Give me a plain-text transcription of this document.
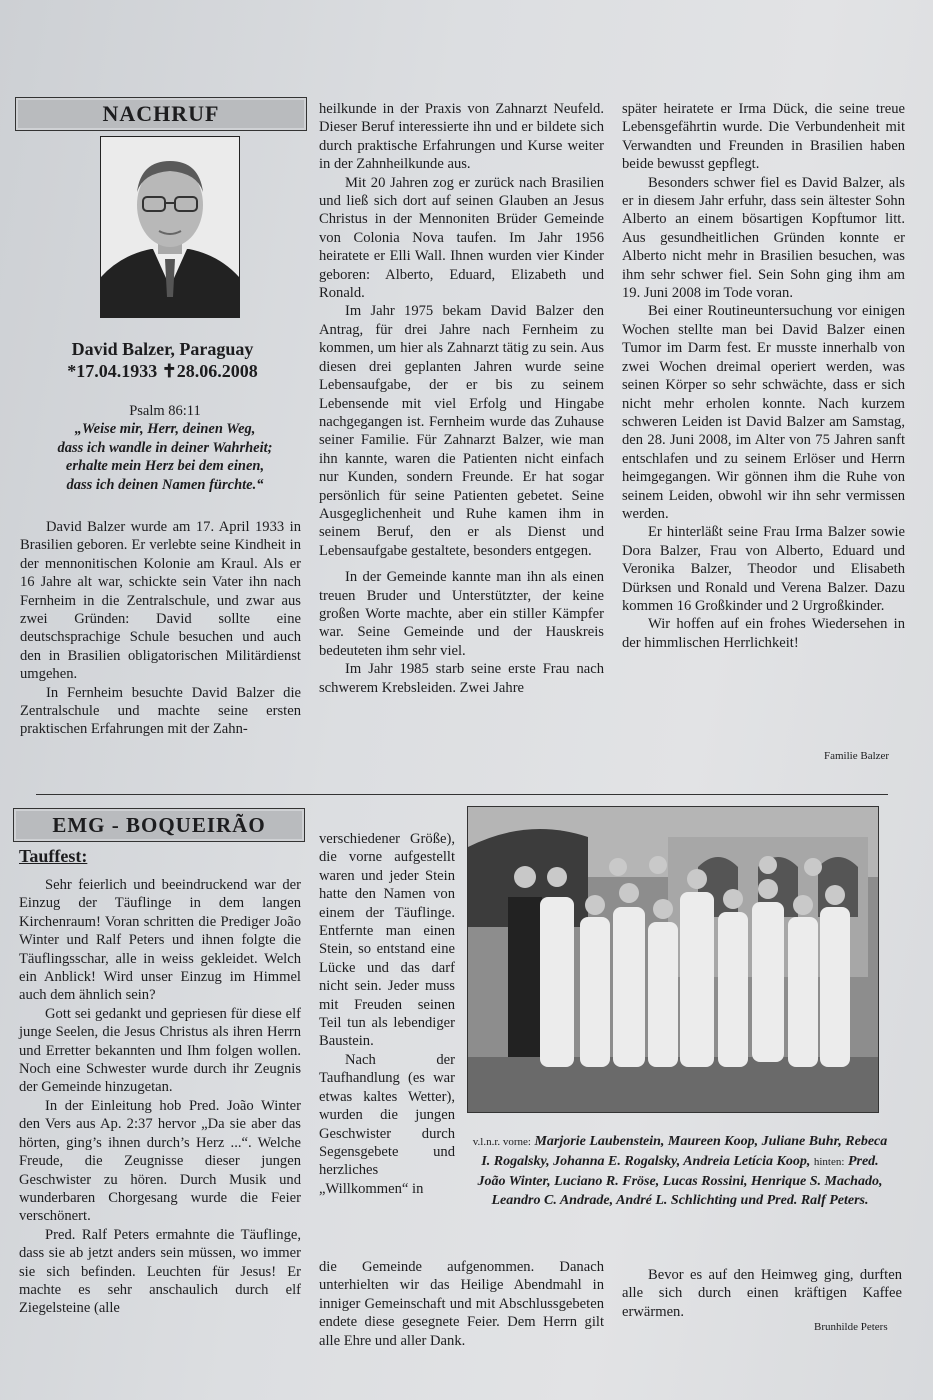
NACHRUF
David Balzer, Paraguay
*17.04.1933 ✝28.06.2008
Psalm 86:11
„Weise mir, Herr, deinen Weg,
dass ich wandle in deiner Wahrheit;
erhalte mein Herz bei dem einen,
dass ich deinen Namen fürchte.“

David Balzer wurde am 17. April 1933 in Brasilien geboren. Er verlebte seine Kindheit in der mennonitischen Kolonie am Kraul. Als er 16 Jahre alt war, schickte sein Vater ihn nach Fernheim in die Zentralschule, und zwar aus zwei Gründen: David sollte eine deutschsprachige Schule besuchen und auch den in Brasilien obligatorischen Militärdienst umgehen.

In Fernheim besuchte David Balzer die Zentralschule und machte seine ersten praktischen Erfahrungen mit der Zahn-

heilkunde in der Praxis von Zahnarzt Neufeld. Dieser Beruf interessierte ihn und er bildete sich durch praktische Erfahrungen und Kurse weiter in der Zahnheilkunde aus.

Mit 20 Jahren zog er zurück nach Brasilien und ließ sich dort auf seinen Glauben an Jesus Christus in der Mennoniten Brüder Gemeinde von Colonia Nova taufen. Im Jahr 1956 heiratete er Elli Wall. Ihnen wurden vier Kinder geboren: Alberto, Eduard, Elizabeth und Ronald.

Im Jahr 1975 bekam David Balzer den Antrag, für drei Jahre nach Fernheim zu kommen, um hier als Zahnarzt tätig zu sein. Aus diesen drei geplanten Jahren wurde seine Lebensaufgabe, der er bis zu seinem Lebensende mit viel Erfolg und Hingabe nachgegangen ist. Fernheim wurde das Zuhause seiner Familie. Für Zahnarzt Balzer, wie man ihn kannte, waren die Patienten nicht einfach nur Kunden, sondern Freunde. Er hat sogar persönlich für seine Patienten gebetet. Seine Ausgeglichenheit und Ruhe kamen ihm in seinem Beruf, den er als Dienst und Lebensaufgabe gestaltete, besonders entgegen.

In der Gemeinde kannte man ihn als einen treuen Bruder und Unterstützter, der keine großen Worte machte, aber ein stiller Kämpfer war. Seine Gemeinde und der Hauskreis bedeuteten ihm sehr viel.

Im Jahr 1985 starb seine erste Frau nach schwerem Krebsleiden. Zwei Jahre

später heiratete er Irma Dück, die seine treue Lebensgefährtin wurde. Die Verbundenheit mit Verwandten und Freunden in Brasilien haben beide bewusst gepflegt.

Besonders schwer fiel es David Balzer, als er in diesem Jahr erfuhr, dass sein ältester Sohn Alberto an einem bösartigen Kopftumor litt. Aus gesundheitlichen Gründen konnte er Alberto nicht mehr in Brasilien besuchen, was ihm sehr schwer fiel. Sein Sohn ging ihm am 19. Juni 2008 im Tode voran.

Bei einer Routineuntersuchung vor einigen Wochen stellte man bei David Balzer einen Tumor im Darm fest. Er musste innerhalb von zwei Wochen dreimal operiert werden, was seinen Körper so sehr schwächte, dass er sich nicht mehr erholen konnte. Nach kurzem schweren Leiden ist David Balzer am Samstag, den 28. Juni 2008, im Alter von 75 Jahren sanft entschlafen und zu seinem Erlöser und Herrn heimgegangen. Wir gönnen ihm die Ruhe von seinem Leiden, obwohl wir ihn sehr vermissen werden.

Er hinterläßt seine Frau Irma Balzer sowie Dora Balzer, Frau von Alberto, Eduard und Veronika Balzer, Theodor und Elisabeth Dürksen und Ronald und Verena Balzer. Dazu kommen 16 Großkinder und 2 Urgroßkinder.

Wir hoffen auf ein frohes Wiedersehen in der himmlischen Herrlichkeit!

Familie Balzer
EMG - BOQUEIRÃO
Tauffest:

Sehr feierlich und beeindruckend war der Einzug der Täuflinge in dem langen Kirchenraum! Voran schritten die Prediger João Winter und Ralf Peters und ihnen folgte die Täuflingsschar, alle in weiss gekleidet. Welch ein Anblick! Wird unser Einzug im Himmel auch dem ähnlich sein?

Gott sei gedankt und gepriesen für diese elf junge Seelen, die Jesus Christus als ihren Herrn und Erretter bekannten und Ihm folgen wollen. Noch eine Schwester wurde durch ihr Zeugnis der Gemeinde hinzugetan.

In der Einleitung hob Pred. João Winter den Vers aus Ap. 2:37 hervor „Da sie aber das hörten, ging’s ihnen durch’s Herz ...“. Welche Freude, die Zeugnisse dieser jungen Geschwister zu hören. Durch Musik und wunderbaren Chorgesang wurde die Feier verschönert.

Pred. Ralf Peters ermahnte die Täuflinge, dass sie ab jetzt anders sein müssen, wo immer sie sich befinden. Leuchten für Jesus! Er machte es sehr anschaulich durch elf Ziegelsteine (alle

verschiedener Größe), die vorne aufgestellt waren und jeder Stein hatte den Namen von einem der Täuflinge. Entfernte man einen Stein, so entstand eine Lücke und das darf nicht sein. Jeder muss mit Freuden seinen Teil tun als lebendiger Baustein.

Nach der Taufhandlung (es war etwas kaltes Wetter), wurden die jungen Geschwister durch Segensgebete und herzliches „Willkommen“ in

die Gemeinde aufgenommen. Danach unterhielten wir das Heilige Abendmahl in inniger Gemeinschaft und mit Abschlussgebeten endete diese gesegnete Feier. Dem Herrn gilt alle Ehre und aller Dank.

v.l.n.r. vorne: Marjorie Laubenstein, Maureen Koop, Juliane Buhr, Rebeca I. Rogalsky, Johanna E. Rogalsky, Andreia Letícia Koop, hinten: Pred. João Winter, Luciano R. Fröse, Lucas Rossini, Henrique S. Machado, Leandro C. Andrade, André L. Schlichting und Pred. Ralf Peters.

Bevor es auf den Heimweg ging, durften alle sich durch einen kräftigen Kaffee erwärmen.

Brunhilde Peters
